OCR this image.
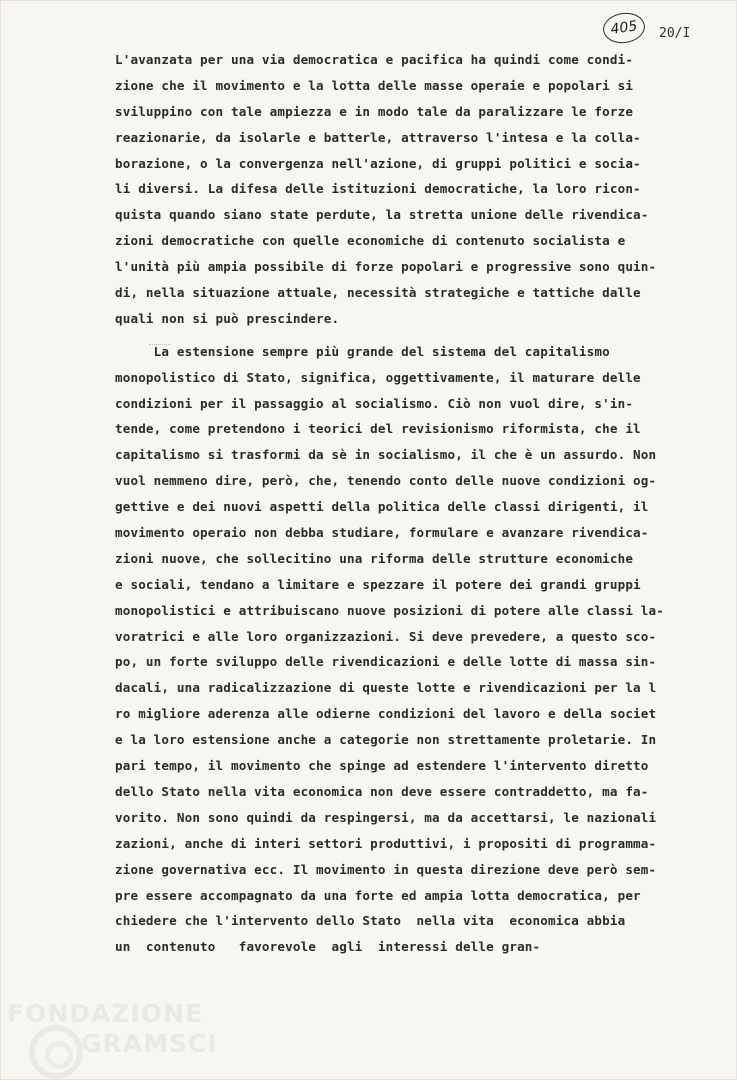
405	20/I
L'avanzata per una via democratica e pacifica ha quindi come condi-
zione che il movimento e la lotta delle masse operaie e popolari si
sviluppino con tale ampiezza e in modo tale da paralizzare le forze
reazionarie, da isolarle e batterle, attraverso l'intesa e la colla-
borazione, o la convergenza nell'azione, di gruppi politici e socia-
li diversi. La difesa delle istituzioni democratiche, la loro ricon-
quista quando siano state perdute, la stretta unione delle rivendica-
zioni democratiche con quelle economiche di contenuto socialista e
l'unità più ampia possibile di forze popolari e progressive sono quin-
di, nella situazione attuale, necessità strategiche e tattiche dalle
quali non si può prescindere.
La estensione sempre più grande del sistema del capitalismo
monopolistico di Stato, significa, oggettivamente, il maturare delle
condizioni per il passaggio al socialismo. Ciò non vuol dire, s'in-
tende, come pretendono i teorici del revisionismo riformista, che il
capitalismo si trasformi da sè in socialismo, il che è un assurdo. Non
vuol nemmeno dire, però, che, tenendo conto delle nuove condizioni og-
gettive e dei nuovi aspetti della politica delle classi dirigenti, il
movimento operaio non debba studiare, formulare e avanzare rivendica-
zioni nuove, che sollecitino una riforma delle strutture economiche
e sociali, tendano a limitare e spezzare il potere dei grandi gruppi
monopolistici e attribuiscano nuove posizioni di potere alle classi la-
voratrici e alle loro organizzazioni. Si deve prevedere, a questo sco-
po, un forte sviluppo delle rivendicazioni e delle lotte di massa sin-
dacali, una radicalizzazione di queste lotte e rivendicazioni per la l
ro migliore aderenza alle odierne condizioni del lavoro e della societ
e la loro estensione anche a categorie non strettamente proletarie. In
pari tempo, il movimento che spinge ad estendere l'intervento diretto
dello Stato nella vita economica non deve essere contraddetto, ma fa-
vorito. Non sono quindi da respingersi, ma da accettarsi, le nazionali
zazioni, anche di interi settori produttivi, i propositi di programma-
zione governativa ecc. Il movimento in questa direzione deve però sem-
pre essere accompagnato da una forte ed ampia lotta democratica, per
chiedere che l'intervento dello Stato  nella vita  economica abbia
un  contenuto   favorevole  agli  interessi delle gran-
FONDAZIONE
GRAMSCI
